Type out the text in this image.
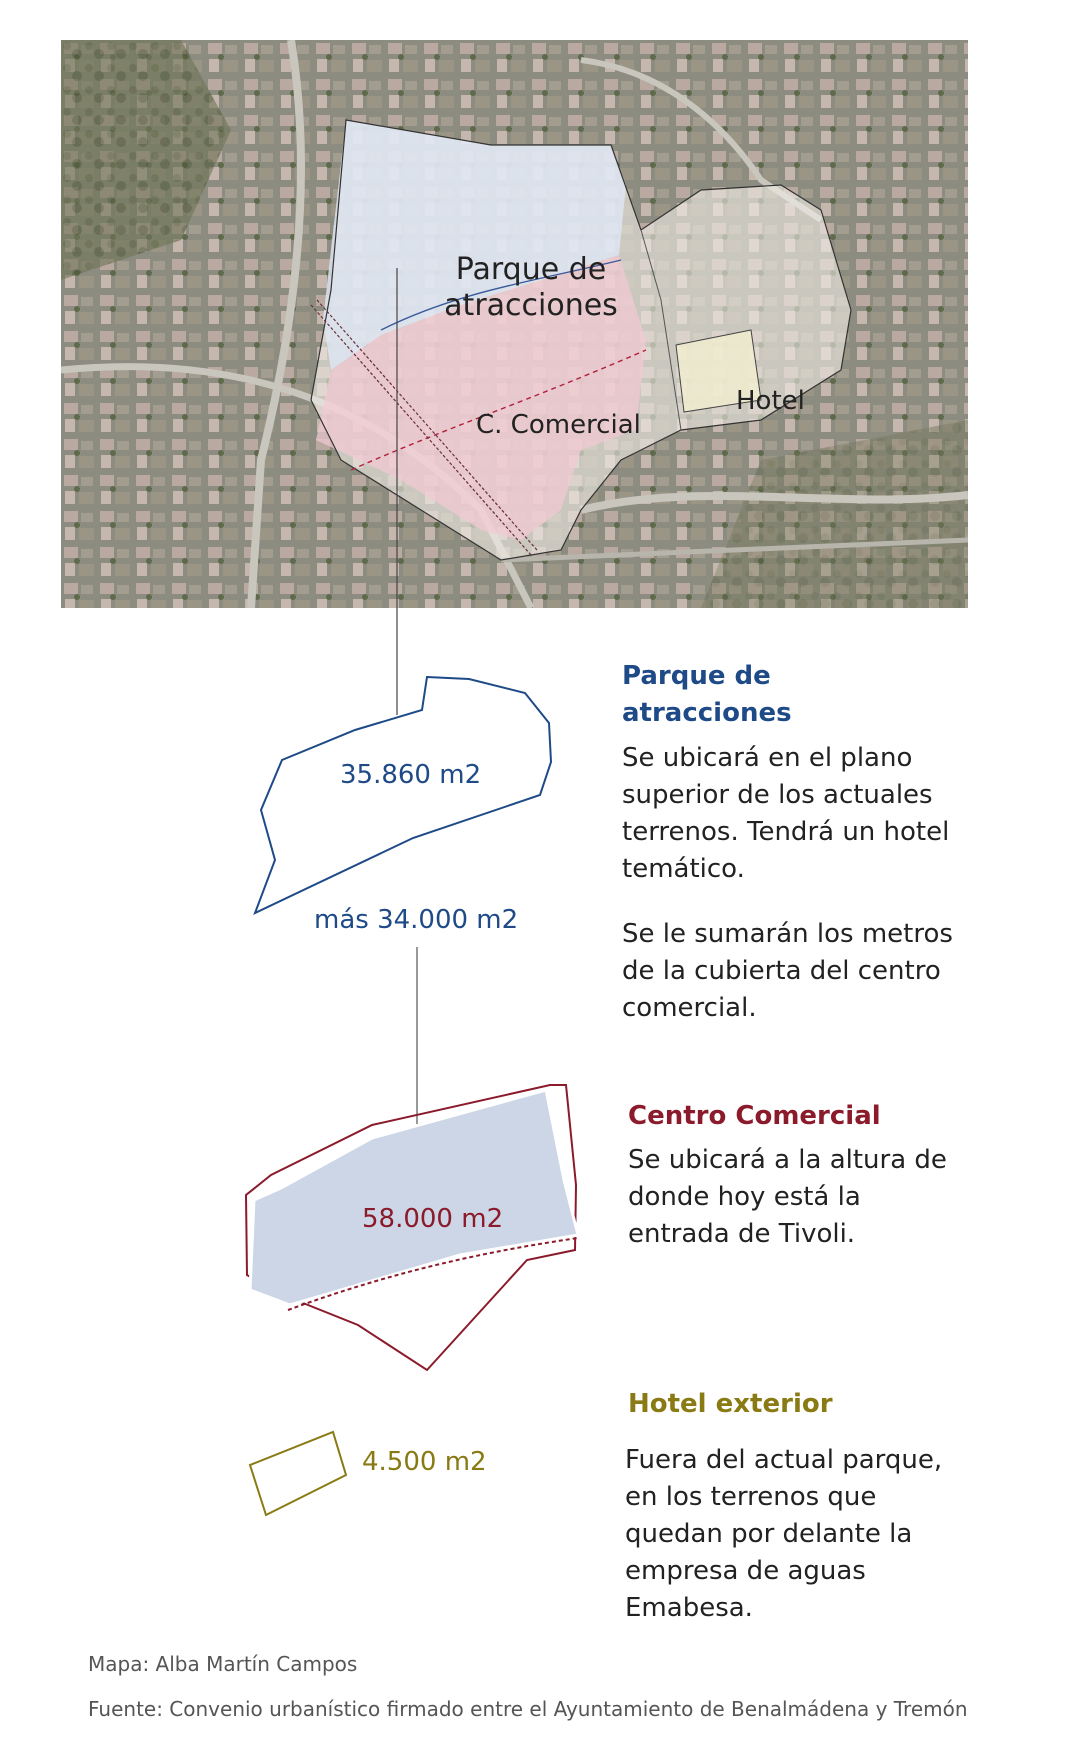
Parque de atracciones
C. Comercial
Hotel
35.860 m2
más 34.000 m2
58.000 m2
4.500 m2
Parque de atracciones
Se ubicará en el plano superior de los actuales terrenos. Tendrá un hotel temático.
Se le sumarán los metros de la cubierta del centro comercial.
Centro Comercial
Se ubicará a la altura de donde hoy está la entrada de Tivoli.
Hotel exterior
Fuera del actual parque, en los terrenos que quedan por delante la empresa de aguas Emabesa.
Mapa: Alba Martín Campos
Fuente: Convenio urbanístico firmado entre el Ayuntamiento de Benalmádena y Tremón
